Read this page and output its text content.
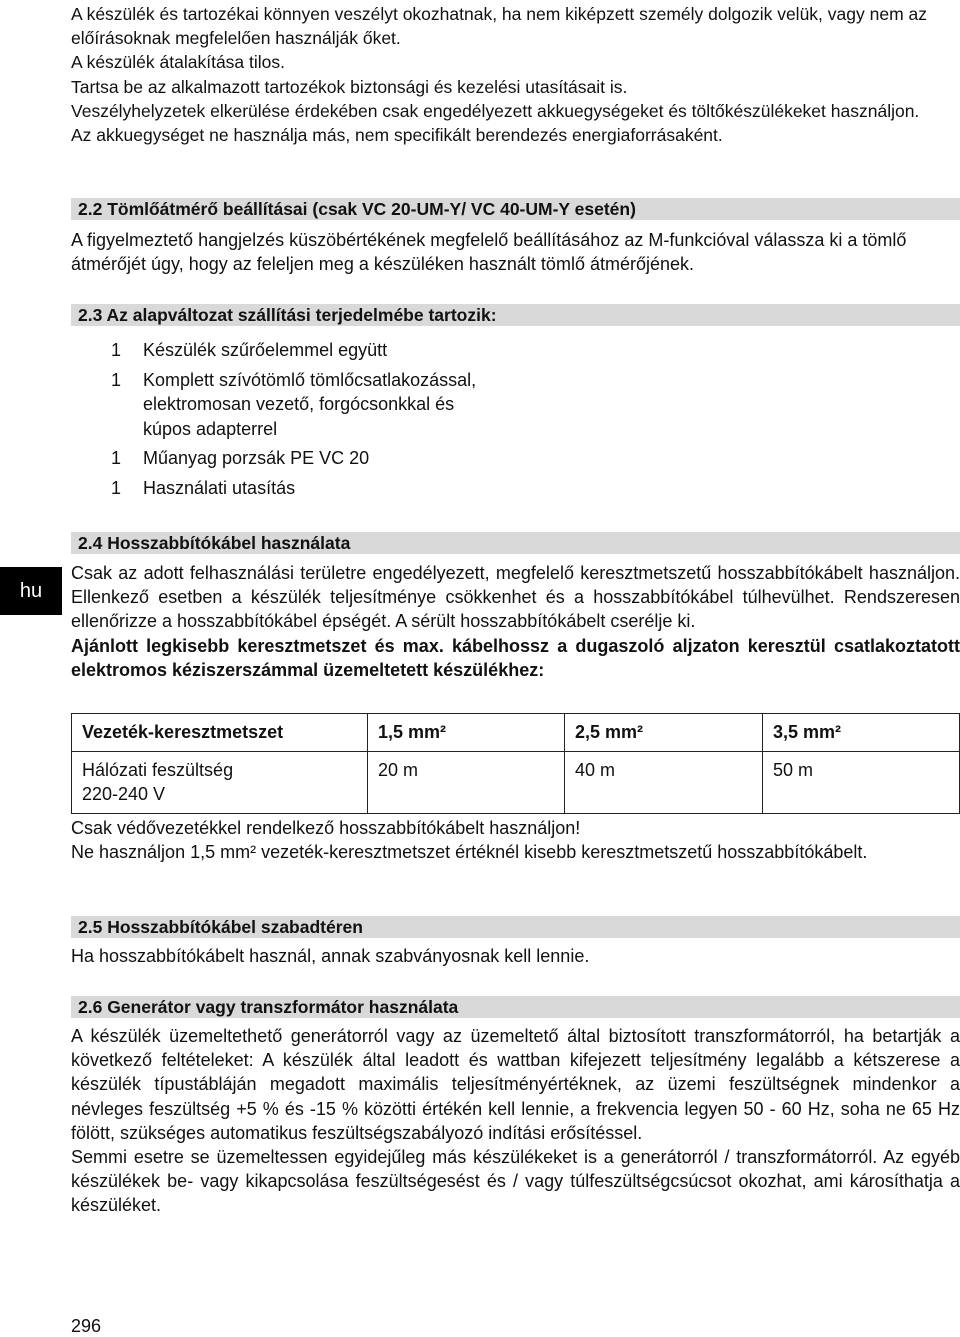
A készülék és tartozékai könnyen veszélyt okozhatnak, ha nem kiképzett személy dolgozik velük, vagy nem az előírásoknak megfelelően használják őket.

A készülék átalakítása tilos.

Tartsa be az alkalmazott tartozékok biztonsági és kezelési utasításait is.

Veszélyhelyzetek elkerülése érdekében csak engedélyezett akkuegységeket és töltőkészülékeket használjon.

Az akkuegységet ne használja más, nem specifikált berendezés energiaforrásaként.

2.2 Tömlőátmérő beállításai (csak VC 20-UM-Y/ VC 40-UM-Y esetén)

A figyelmeztető hangjelzés küszöbértékének megfelelő beállításához az M-funkcióval válassza ki a tömlő átmérőjét úgy, hogy az feleljen meg a készüléken használt tömlő átmérőjének.

2.3 Az alapváltozat szállítási terjedelmébe tartozik:
1	Készülék szűrőelemmel együtt
1	Komplett szívótömlő tömlőcsatlakozással, elektromosan vezető, forgócsonkkal és kúpos adapterrel
1	Műanyag porzsák PE VC 20
1	Használati utasítás
hu
2.4 Hosszabbítókábel használata

Csak az adott felhasználási területre engedélyezett, megfelelő keresztmetszetű hosszabbítókábelt használjon. Ellenkező esetben a készülék teljesítménye csökkenhet és a hosszabbítókábel túlhevülhet. Rendszeresen ellenőrizze a hosszabbítókábel épségét. A sérült hosszabbítókábelt cserélje ki.

Ajánlott legkisebb keresztmetszet és max. kábelhossz a dugaszoló aljzaton keresztül csatlakoztatott elektromos kéziszerszámmal üzemeltetett készülékhez:

Vezeték-keresztmetszet	1,5 mm²	2,5 mm²	3,5 mm²

Hálózati feszültség
220-240 V	20 m	40 m	50 m

Csak védővezetékkel rendelkező hosszabbítókábelt használjon!

Ne használjon 1,5 mm² vezeték-keresztmetszet értéknél kisebb keresztmetszetű hosszabbítókábelt.

2.5 Hosszabbítókábel szabadtéren

Ha hosszabbítókábelt használ, annak szabványosnak kell lennie.

2.6 Generátor vagy transzformátor használata

A készülék üzemeltethető generátorról vagy az üzemeltető által biztosított transzformátorról, ha betartják a következő feltételeket: A készülék által leadott és wattban kifejezett teljesítmény legalább a kétszerese a készülék típustábláján megadott maximális teljesítményértéknek, az üzemi feszültségnek mindenkor a névleges feszültség +5 % és -15 % közötti értékén kell lennie, a frekvencia legyen 50 - 60 Hz, soha ne 65 Hz fölött, szükséges automatikus feszültségszabályozó indítási erősítéssel.

Semmi esetre se üzemeltessen egyidejűleg más készülékeket is a generátorról / transzformátorról. Az egyéb készülékek be- vagy kikapcsolása feszültségesést és / vagy túlfeszültségcsúcsot okozhat, ami károsíthatja a készüléket.

296
